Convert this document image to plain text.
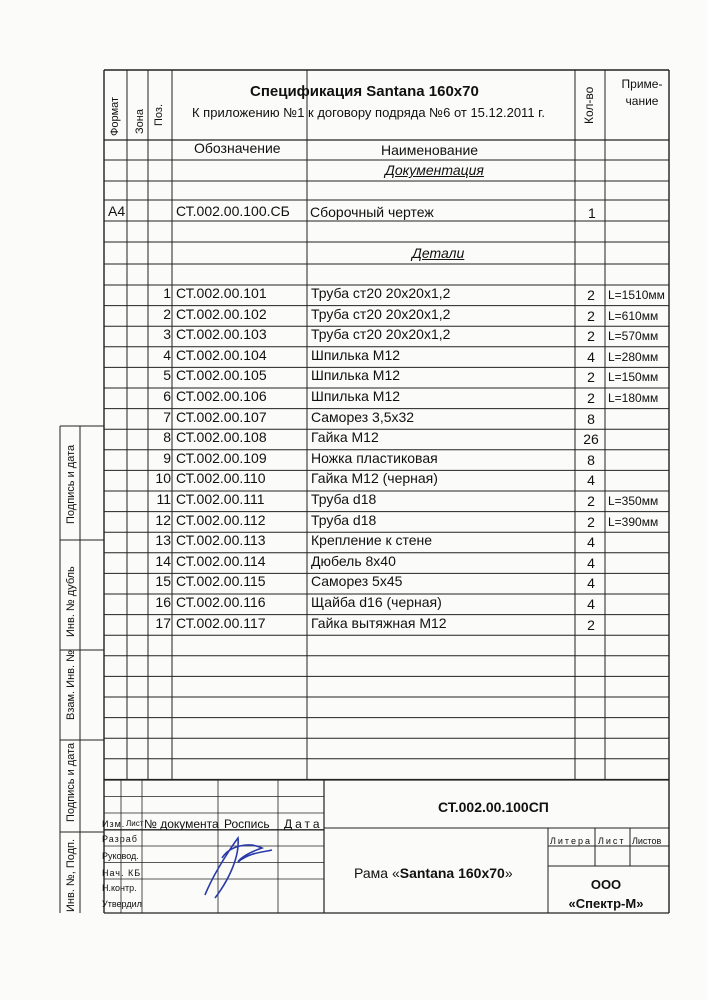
Спецификация Santana 160х70
К приложению №1 к договору подряда №6 от 15.12.2011 г.
Формат Зона Поз.	Кол-во
Приме-
чание
Обозначение	Наименование
Документация
А4	СТ.002.00.100.СБ Сборочный чертеж	1
Детали
1 СТ.002.00.101	Труба ст20 20х20х1,2	2	L=1510мм
2 СТ.002.00.102	Труба ст20 20х20х1,2	2	L=610мм
3 СТ.002.00.103	Труба ст20 20х20х1,2	2	L=570мм
4 СТ.002.00.104	Шпилька М12	4	L=280мм
5 СТ.002.00.105	Шпилька М12	2	L=150мм
6 СТ.002.00.106	Шпилька М12	2	L=180мм
7 СТ.002.00.107	Саморез 3,5х32	8
8 СТ.002.00.108	Гайка М12	26
9 СТ.002.00.109	Ножка пластиковая	8
10 СТ.002.00.110	Гайка М12 (черная)	4
11 СТ.002.00.111	Труба d18	2	L=350мм
12 СТ.002.00.112	Труба d18	2	L=390мм
13 СТ.002.00.113	Крепление к стене	4
14 СТ.002.00.114	Дюбель 8х40	4
15 СТ.002.00.115	Саморез 5х45	4
16 СТ.002.00.116	Щайба d16 (черная)	4
17 СТ.002.00.117	Гайка вытяжная М12	2
Подпись и дата
Инв. № дубль
Взам. Инв. №
Подпись и дата
Инв. №, Подп.
СТ.002.00.100СП
Изм. Лист № документа Роспись Дата
Разраб
Руковод.
Нач. КБ
Н.контр.
Утвердил
Рама «Santana 160х70»
Литера Лист Листов
ООО
«Спектр-М»
